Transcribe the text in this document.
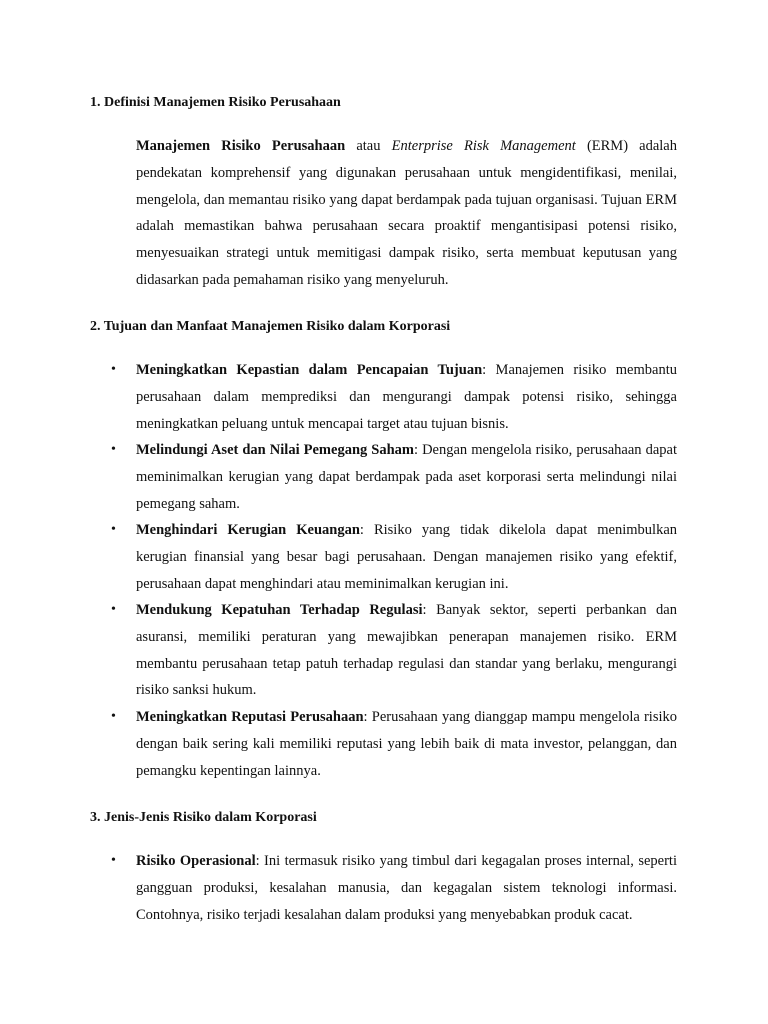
1. Definisi Manajemen Risiko Perusahaan

Manajemen Risiko Perusahaan atau Enterprise Risk Management (ERM) adalah pendekatan komprehensif yang digunakan perusahaan untuk mengidentifikasi, menilai, mengelola, dan memantau risiko yang dapat berdampak pada tujuan organisasi. Tujuan ERM adalah memastikan bahwa perusahaan secara proaktif mengantisipasi potensi risiko, menyesuaikan strategi untuk memitigasi dampak risiko, serta membuat keputusan yang didasarkan pada pemahaman risiko yang menyeluruh.

2. Tujuan dan Manfaat Manajemen Risiko dalam Korporasi
• Meningkatkan Kepastian dalam Pencapaian Tujuan: Manajemen risiko membantu perusahaan dalam memprediksi dan mengurangi dampak potensi risiko, sehingga meningkatkan peluang untuk mencapai target atau tujuan bisnis.

• Melindungi Aset dan Nilai Pemegang Saham: Dengan mengelola risiko, perusahaan dapat meminimalkan kerugian yang dapat berdampak pada aset korporasi serta melindungi nilai pemegang saham.

• Menghindari Kerugian Keuangan: Risiko yang tidak dikelola dapat menimbulkan kerugian finansial yang besar bagi perusahaan. Dengan manajemen risiko yang efektif, perusahaan dapat menghindari atau meminimalkan kerugian ini.

• Mendukung Kepatuhan Terhadap Regulasi: Banyak sektor, seperti perbankan dan asuransi, memiliki peraturan yang mewajibkan penerapan manajemen risiko. ERM membantu perusahaan tetap patuh terhadap regulasi dan standar yang berlaku, mengurangi risiko sanksi hukum.

• Meningkatkan Reputasi Perusahaan: Perusahaan yang dianggap mampu mengelola risiko dengan baik sering kali memiliki reputasi yang lebih baik di mata investor, pelanggan, dan pemangku kepentingan lainnya.

3. Jenis-Jenis Risiko dalam Korporasi
• Risiko Operasional: Ini termasuk risiko yang timbul dari kegagalan proses internal, seperti gangguan produksi, kesalahan manusia, dan kegagalan sistem teknologi informasi. Contohnya, risiko terjadi kesalahan dalam produksi yang menyebabkan produk cacat.
